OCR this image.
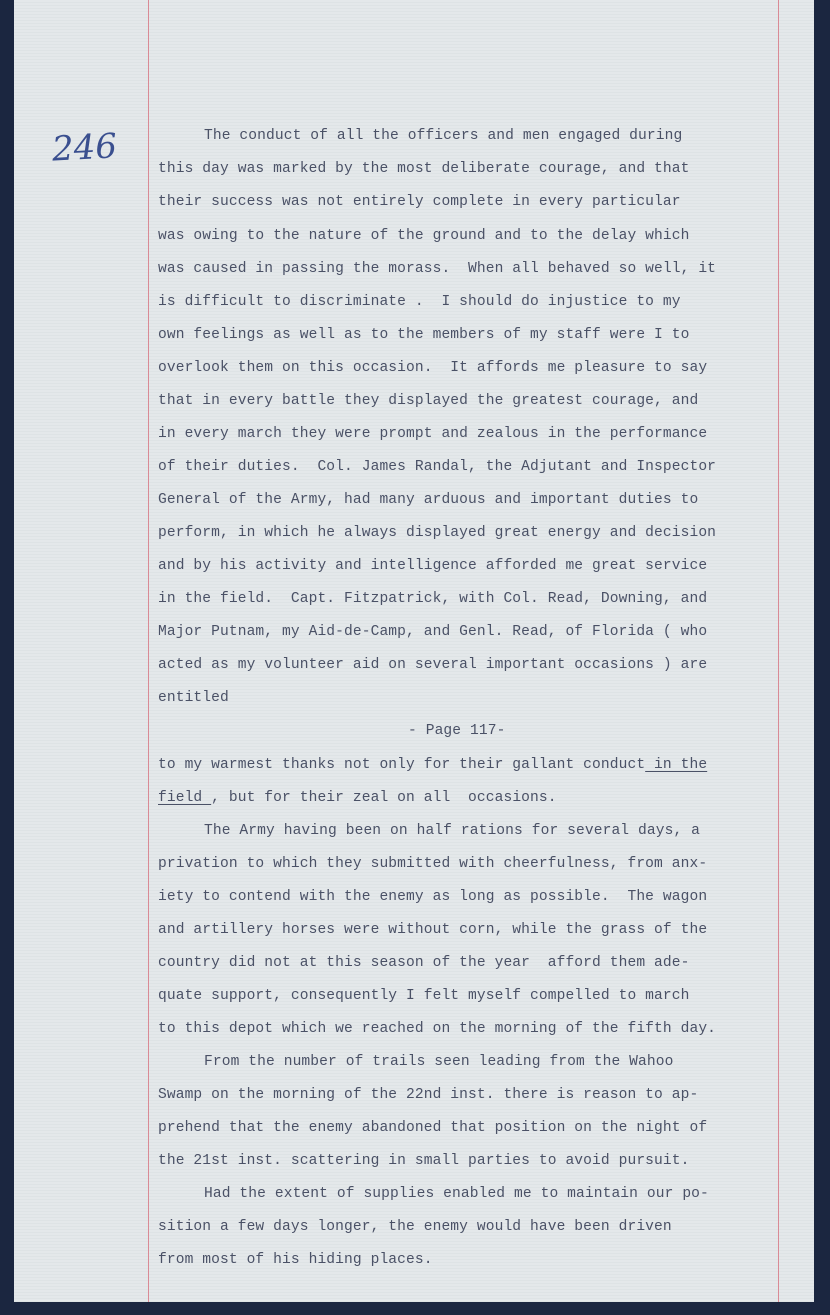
246	The conduct of all the officers and men engaged during
this day was marked by the most deliberate courage, and that
their success was not entirely complete in every particular
was owing to the nature of the ground and to the delay which
was caused in passing the morass.  When all behaved so well, it
is difficult to discriminate .  I should do injustice to my
own feelings as well as to the members of my staff were I to
overlook them on this occasion.  It affords me pleasure to say
that in every battle they displayed the greatest courage, and
in every march they were prompt and zealous in the performance
of their duties.  Col. James Randal, the Adjutant and Inspector
General of the Army, had many arduous and important duties to
perform, in which he always displayed great energy and decision
and by his activity and intelligence afforded me great service
in the field.  Capt. Fitzpatrick, with Col. Read, Downing, and
Major Putnam, my Aid-de-Camp, and Genl. Read, of Florida ( who
acted as my volunteer aid on several important occasions ) are
entitled
- Page 117-
to my warmest thanks not only for their gallant conduct in the
field , but for their zeal on all  occasions.
The Army having been on half rations for several days, a
privation to which they submitted with cheerfulness, from anx-
iety to contend with the enemy as long as possible.  The wagon
and artillery horses were without corn, while the grass of the
country did not at this season of the year  afford them ade-
quate support, consequently I felt myself compelled to march
to this depot which we reached on the morning of the fifth day.
From the number of trails seen leading from the Wahoo
Swamp on the morning of the 22nd inst. there is reason to ap-
prehend that the enemy abandoned that position on the night of
the 21st inst. scattering in small parties to avoid pursuit.
Had the extent of supplies enabled me to maintain our po-
sition a few days longer, the enemy would have been driven
from most of his hiding places.
